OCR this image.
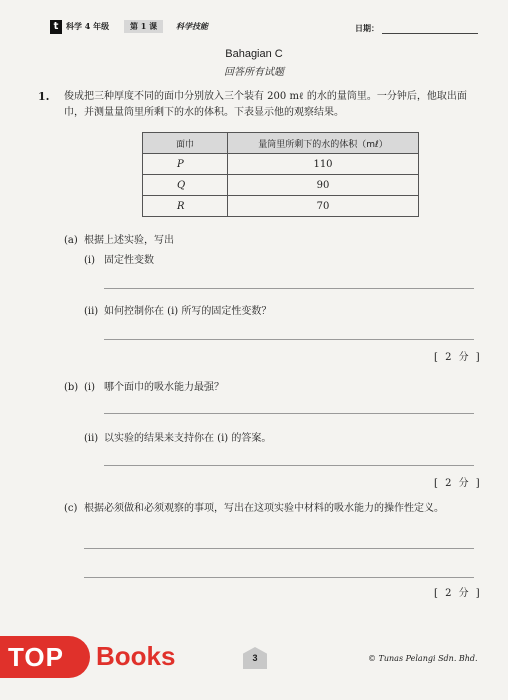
t 科学 4 年级	第 1 课	科学技能	日期：
Bahagian C
回答所有试题
1. 俊成把三种厚度不同的面巾分别放入三个装有 200 mℓ 的水的量筒里。一分钟后，他取出面巾，并测量量筒里所剩下的水的体积。下表显示他的观察结果。
面巾	量筒里所剩下的水的体积（mℓ）
P	110
Q	90
R	70
(a) 根据上述实验，写出
(i) 固定性变数
(ii) 如何控制你在 (i) 所写的固定性变数？
[ 2 分 ]
(b) (i) 哪个面巾的吸水能力最强？
(ii) 以实验的结果来支持你在 (i) 的答案。
[ 2 分 ]
(c) 根据必须做和必须观察的事项，写出在这项实验中材料的吸水能力的操作性定义。
[ 2 分 ]
TOP Books	3	© Tunas Pelangi Sdn. Bhd.
